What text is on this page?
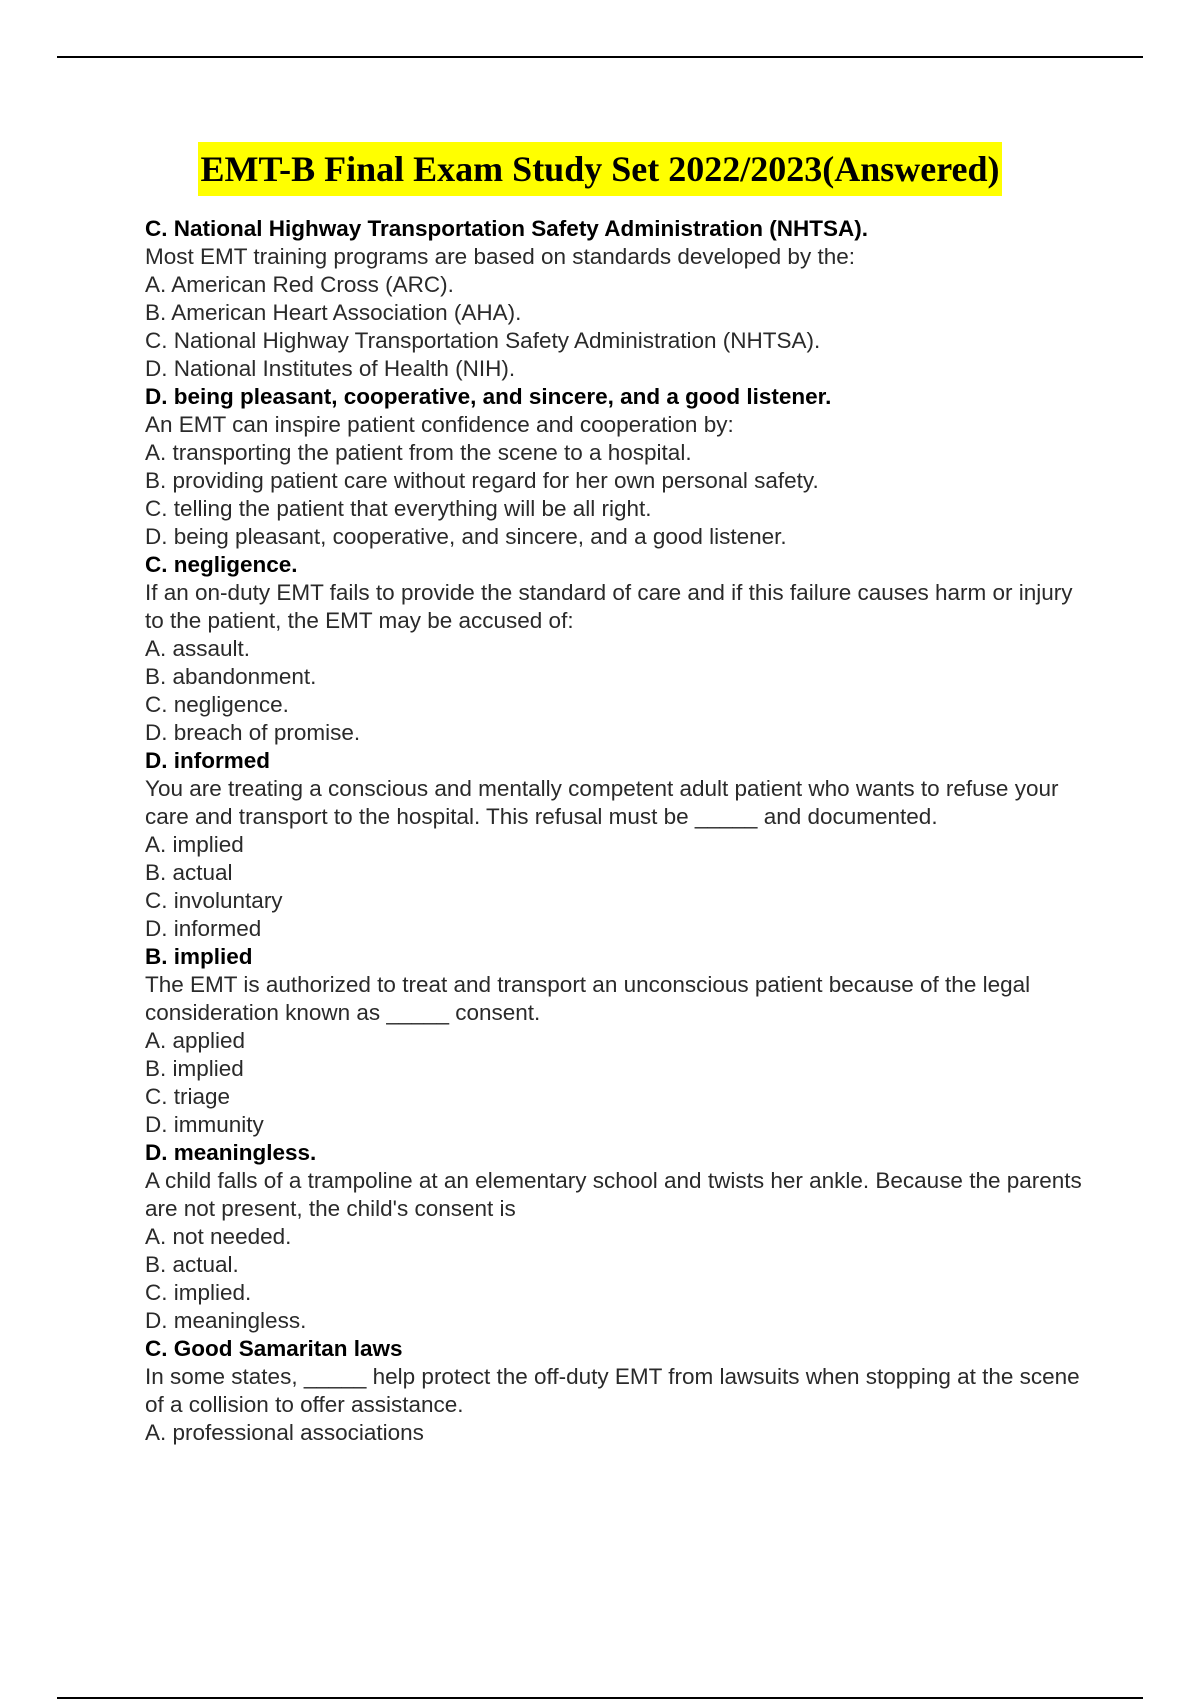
EMT-B Final Exam Study Set 2022/2023(Answered)
C. National Highway Transportation Safety Administration (NHTSA).
Most EMT training programs are based on standards developed by the:
A. American Red Cross (ARC).
B. American Heart Association (AHA).
C. National Highway Transportation Safety Administration (NHTSA).
D. National Institutes of Health (NIH).
D. being pleasant, cooperative, and sincere, and a good listener.
An EMT can inspire patient confidence and cooperation by:
A. transporting the patient from the scene to a hospital.
B. providing patient care without regard for her own personal safety.
C. telling the patient that everything will be all right.
D. being pleasant, cooperative, and sincere, and a good listener.
C. negligence.
If an on-duty EMT fails to provide the standard of care and if this failure causes harm or injury to the patient, the EMT may be accused of:
A. assault.
B. abandonment.
C. negligence.
D. breach of promise.
D. informed
You are treating a conscious and mentally competent adult patient who wants to refuse your care and transport to the hospital. This refusal must be _____ and documented.
A. implied
B. actual
C. involuntary
D. informed
B. implied
The EMT is authorized to treat and transport an unconscious patient because of the legal consideration known as _____ consent.
A. applied
B. implied
C. triage
D. immunity
D. meaningless.
A child falls of a trampoline at an elementary school and twists her ankle. Because the parents are not present, the child's consent is
A. not needed.
B. actual.
C. implied.
D. meaningless.
C. Good Samaritan laws
In some states, _____ help protect the off-duty EMT from lawsuits when stopping at the scene of a collision to offer assistance.
A. professional associations
